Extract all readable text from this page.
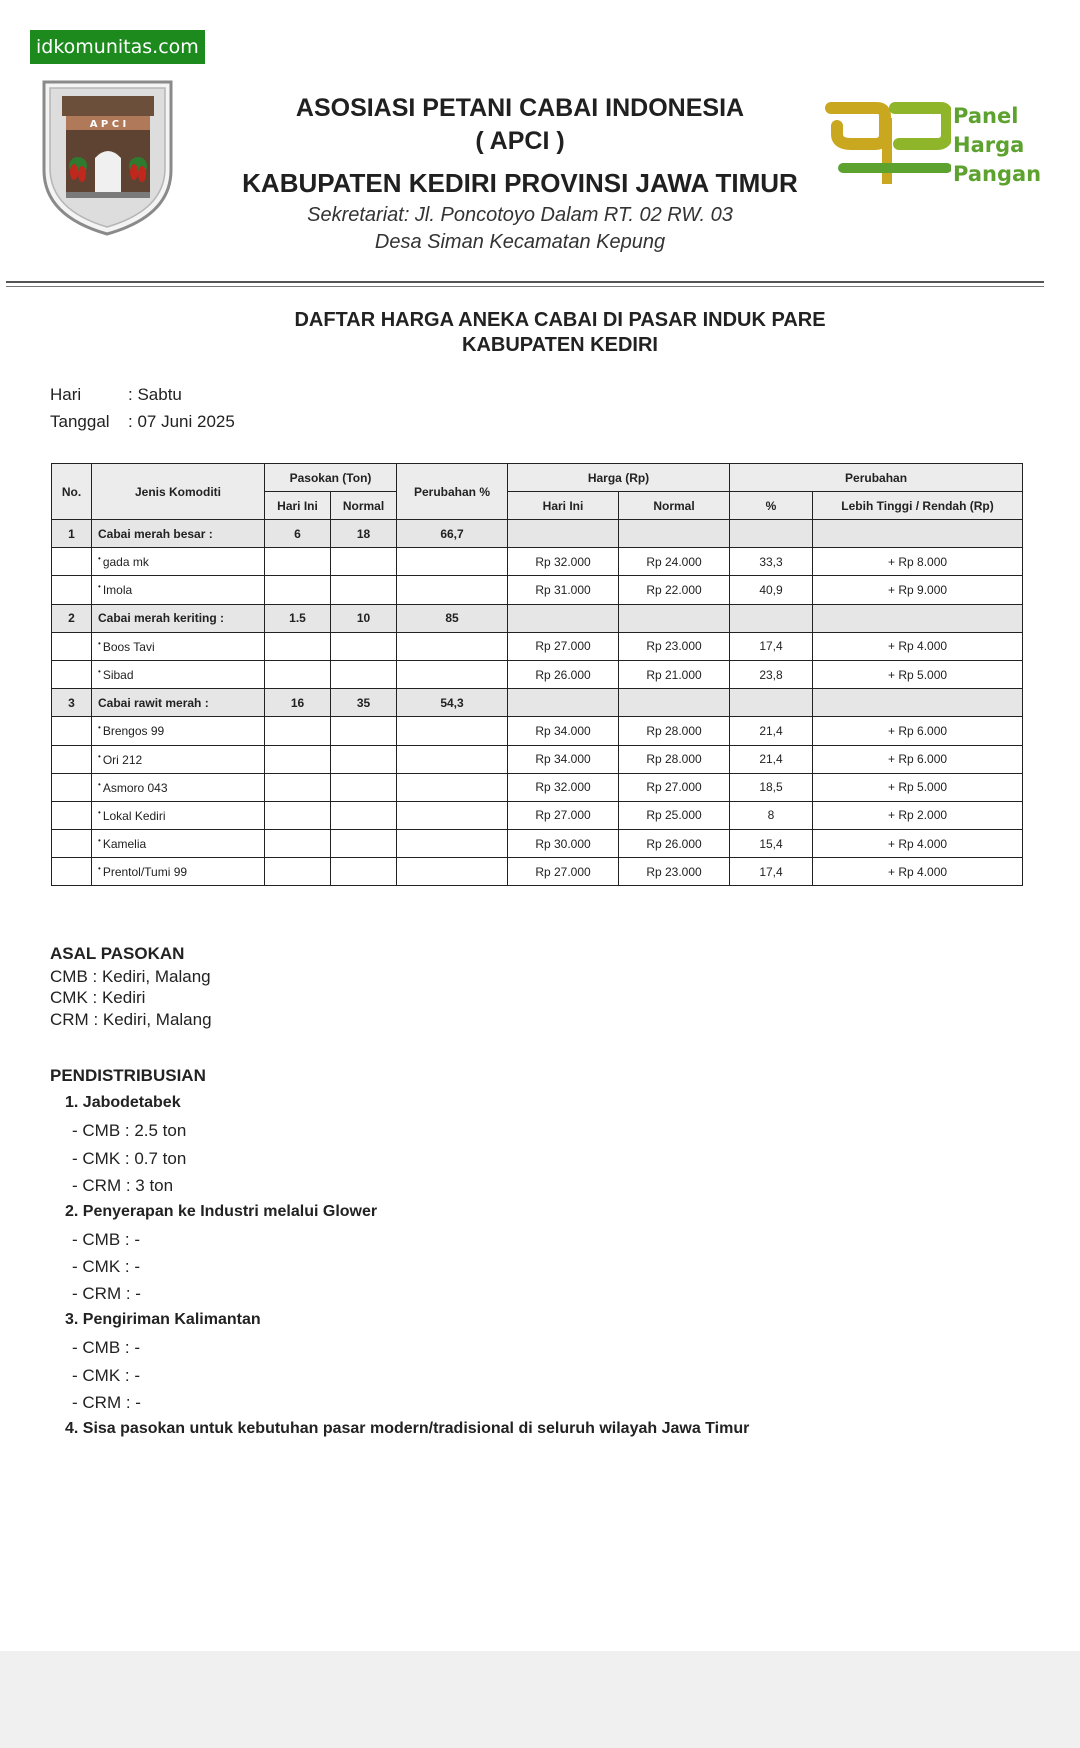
idkomunitas.com
A P C I
ASOSIASI PETANI CABAI INDONESIA
( APCI )
KABUPATEN KEDIRI PROVINSI JAWA TIMUR
Sekretariat: Jl. Poncotoyo Dalam RT. 02 RW. 03
Desa Siman Kecamatan Kepung
Panel
Harga
Pangan
DAFTAR HARGA ANEKA CABAI DI PASAR INDUK PARE
KABUPATEN KEDIRI
Hari	: Sabtu
Tanggal : 07 Juni 2025
No.	Jenis Komoditi	Pasokan (Ton)		Perubahan %	Harga (Rp)		Perubahan	
		Hari Ini	Normal		Hari Ini	Normal	%	Lebih Tinggi / Rendah (Rp)
1	Cabai merah besar :	6	18	66,7				
	• gada mk				Rp 32.000	Rp 24.000	33,3	+ Rp 8.000
	• Imola				Rp 31.000	Rp 22.000	40,9	+ Rp 9.000
2	Cabai merah keriting :	1.5	10	85				
	• Boos Tavi				Rp 27.000	Rp 23.000	17,4	+ Rp 4.000
	• Sibad				Rp 26.000	Rp 21.000	23,8	+ Rp 5.000
3	Cabai rawit merah :	16	35	54,3				
	• Brengos 99				Rp 34.000	Rp 28.000	21,4	+ Rp 6.000
	• Ori 212				Rp 34.000	Rp 28.000	21,4	+ Rp 6.000
	• Asmoro 043				Rp 32.000	Rp 27.000	18,5	+ Rp 5.000
	• Lokal Kediri				Rp 27.000	Rp 25.000	8	+ Rp 2.000
	• Kamelia				Rp 30.000	Rp 26.000	15,4	+ Rp 4.000
	• Prentol/Tumi 99				Rp 27.000	Rp 23.000	17,4	+ Rp 4.000
ASAL PASOKAN
CMB : Kediri, Malang
CMK : Kediri
CRM : Kediri, Malang
PENDISTRIBUSIAN
1. Jabodetabek
- CMB : 2.5 ton
- CMK : 0.7 ton
- CRM : 3 ton
2. Penyerapan ke Industri melalui Glower
- CMB : -
- CMK : -
- CRM : -
3. Pengiriman Kalimantan
- CMB : -
- CMK : -
- CRM : -
4. Sisa pasokan untuk kebutuhan pasar modern/tradisional di seluruh wilayah Jawa Timur
